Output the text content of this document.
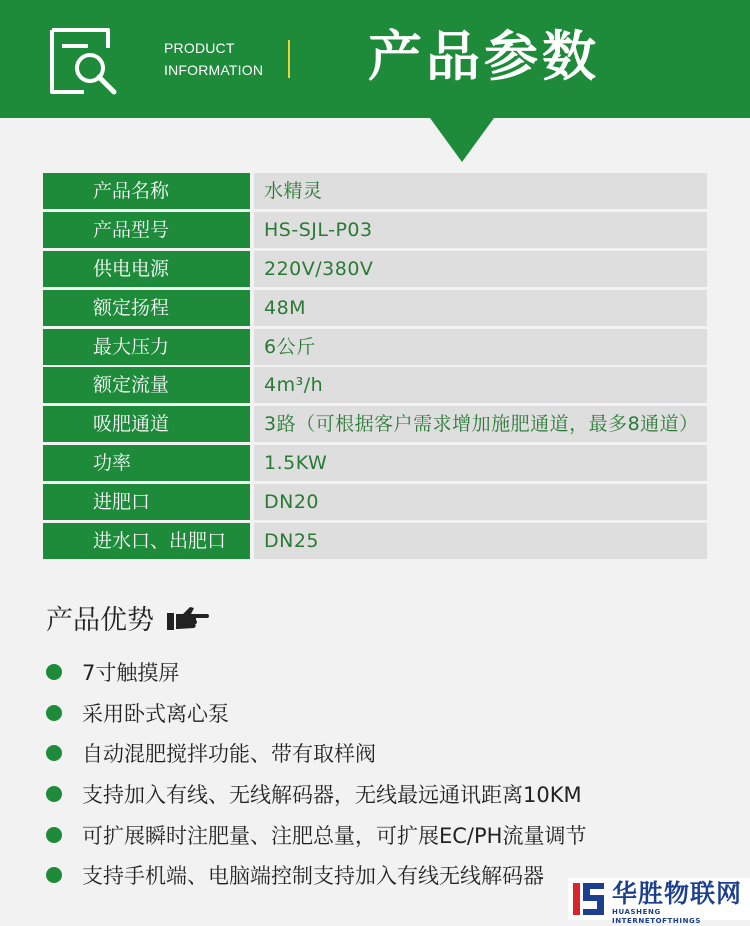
PRODUCT
INFORMATION 产品参数
产品名称	水精灵
产品型号	HS-SJL-P03
供电电源	220V/380V
额定扬程	48M
最大压力	6公斤
额定流量	4m³/h
吸肥通道	3路（可根据客户需求增加施肥通道，最多8通道）
功率	1.5KW
进肥口	DN20
进水口、出肥口	DN25
产品优势
7寸触摸屏
采用卧式离心泵
自动混肥搅拌功能、带有取样阀
支持加入有线、无线解码器，无线最远通讯距离10KM
可扩展瞬时注肥量、注肥总量，可扩展EC/PH流量调节
支持手机端、电脑端控制支持加入有线无线解码器
华胜物联网
HUASHENG INTERNETOFTHINGS
